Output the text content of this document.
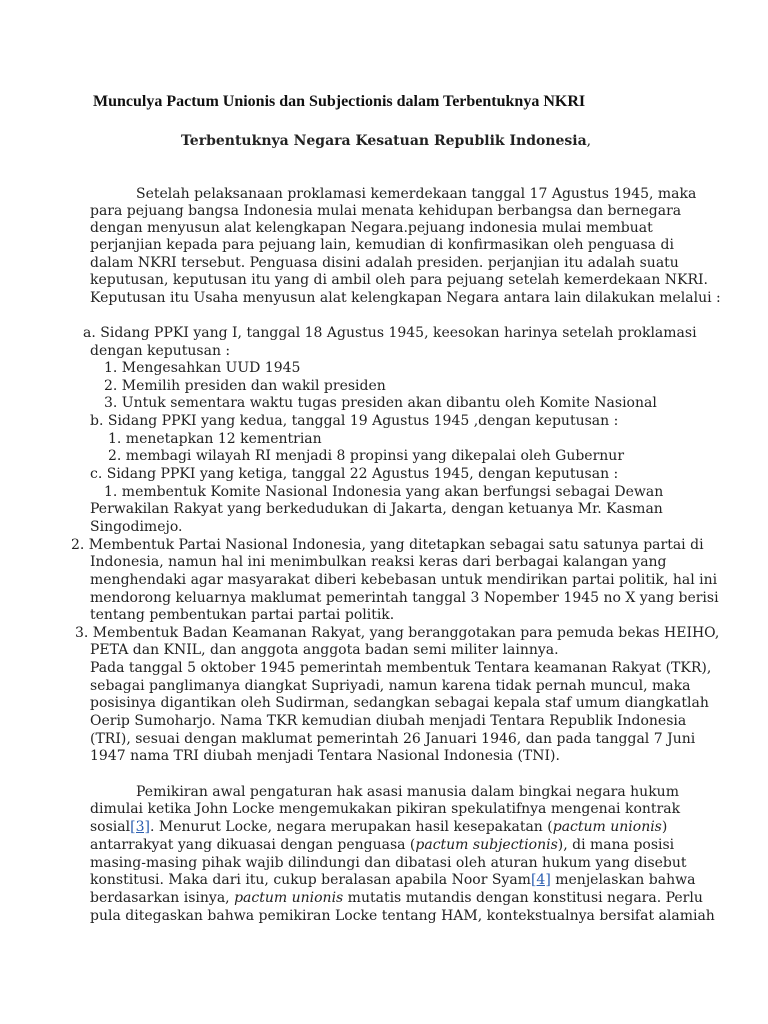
Munculya Pactum Unionis dan Subjectionis dalam Terbentuknya NKRI
Terbentuknya Negara Kesatuan Republik Indonesia,
Setelah pelaksanaan proklamasi kemerdekaan tanggal 17 Agustus 1945, maka
para pejuang bangsa Indonesia mulai menata kehidupan berbangsa dan bernegara
dengan menyusun alat kelengkapan Negara.pejuang indonesia mulai membuat
perjanjian kepada para pejuang lain, kemudian di konfirmasikan oleh penguasa di
dalam NKRI tersebut. Penguasa disini adalah presiden. perjanjian itu adalah suatu
keputusan, keputusan itu yang di ambil oleh para pejuang setelah kemerdekaan NKRI.
Keputusan itu Usaha menyusun alat kelengkapan Negara antara lain dilakukan melalui :
a. Sidang PPKI yang I, tanggal 18 Agustus 1945, keesokan harinya setelah proklamasi
dengan keputusan :
1. Mengesahkan UUD 1945
2. Memilih presiden dan wakil presiden
3. Untuk sementara waktu tugas presiden akan dibantu oleh Komite Nasional
b. Sidang PPKI yang kedua, tanggal 19 Agustus 1945 ,dengan keputusan :
1. menetapkan 12 kementrian
2. membagi wilayah RI menjadi 8 propinsi yang dikepalai oleh Gubernur
c. Sidang PPKI yang ketiga, tanggal 22 Agustus 1945, dengan keputusan :
1. membentuk Komite Nasional Indonesia yang akan berfungsi sebagai Dewan
Perwakilan Rakyat yang berkedudukan di Jakarta, dengan ketuanya Mr. Kasman
Singodimejo.
2. Membentuk Partai Nasional Indonesia, yang ditetapkan sebagai satu satunya partai di
Indonesia, namun hal ini menimbulkan reaksi keras dari berbagai kalangan yang
menghendaki agar masyarakat diberi kebebasan untuk mendirikan partai politik, hal ini
mendorong keluarnya maklumat pemerintah tanggal 3 Nopember 1945 no X yang berisi
tentang pembentukan partai partai politik.
3. Membentuk Badan Keamanan Rakyat, yang beranggotakan para pemuda bekas HEIHO,
PETA dan KNIL, dan anggota anggota badan semi militer lainnya.
Pada tanggal 5 oktober 1945 pemerintah membentuk Tentara keamanan Rakyat (TKR),
sebagai panglimanya diangkat Supriyadi, namun karena tidak pernah muncul, maka
posisinya digantikan oleh Sudirman, sedangkan sebagai kepala staf umum diangkatlah
Oerip Sumoharjo. Nama TKR kemudian diubah menjadi Tentara Republik Indonesia
(TRI), sesuai dengan maklumat pemerintah 26 Januari 1946, dan pada tanggal 7 Juni
1947 nama TRI diubah menjadi Tentara Nasional Indonesia (TNI).
Pemikiran awal pengaturan hak asasi manusia dalam bingkai negara hukum
dimulai ketika John Locke mengemukakan pikiran spekulatifnya mengenai kontrak
sosial[3]. Menurut Locke, negara merupakan hasil kesepakatan (pactum unionis)
antarrakyat yang dikuasai dengan penguasa (pactum subjectionis), di mana posisi
masing-masing pihak wajib dilindungi dan dibatasi oleh aturan hukum yang disebut
konstitusi. Maka dari itu, cukup beralasan apabila Noor Syam[4] menjelaskan bahwa
berdasarkan isinya, pactum unionis mutatis mutandis dengan konstitusi negara. Perlu
pula ditegaskan bahwa pemikiran Locke tentang HAM, kontekstualnya bersifat alamiah
